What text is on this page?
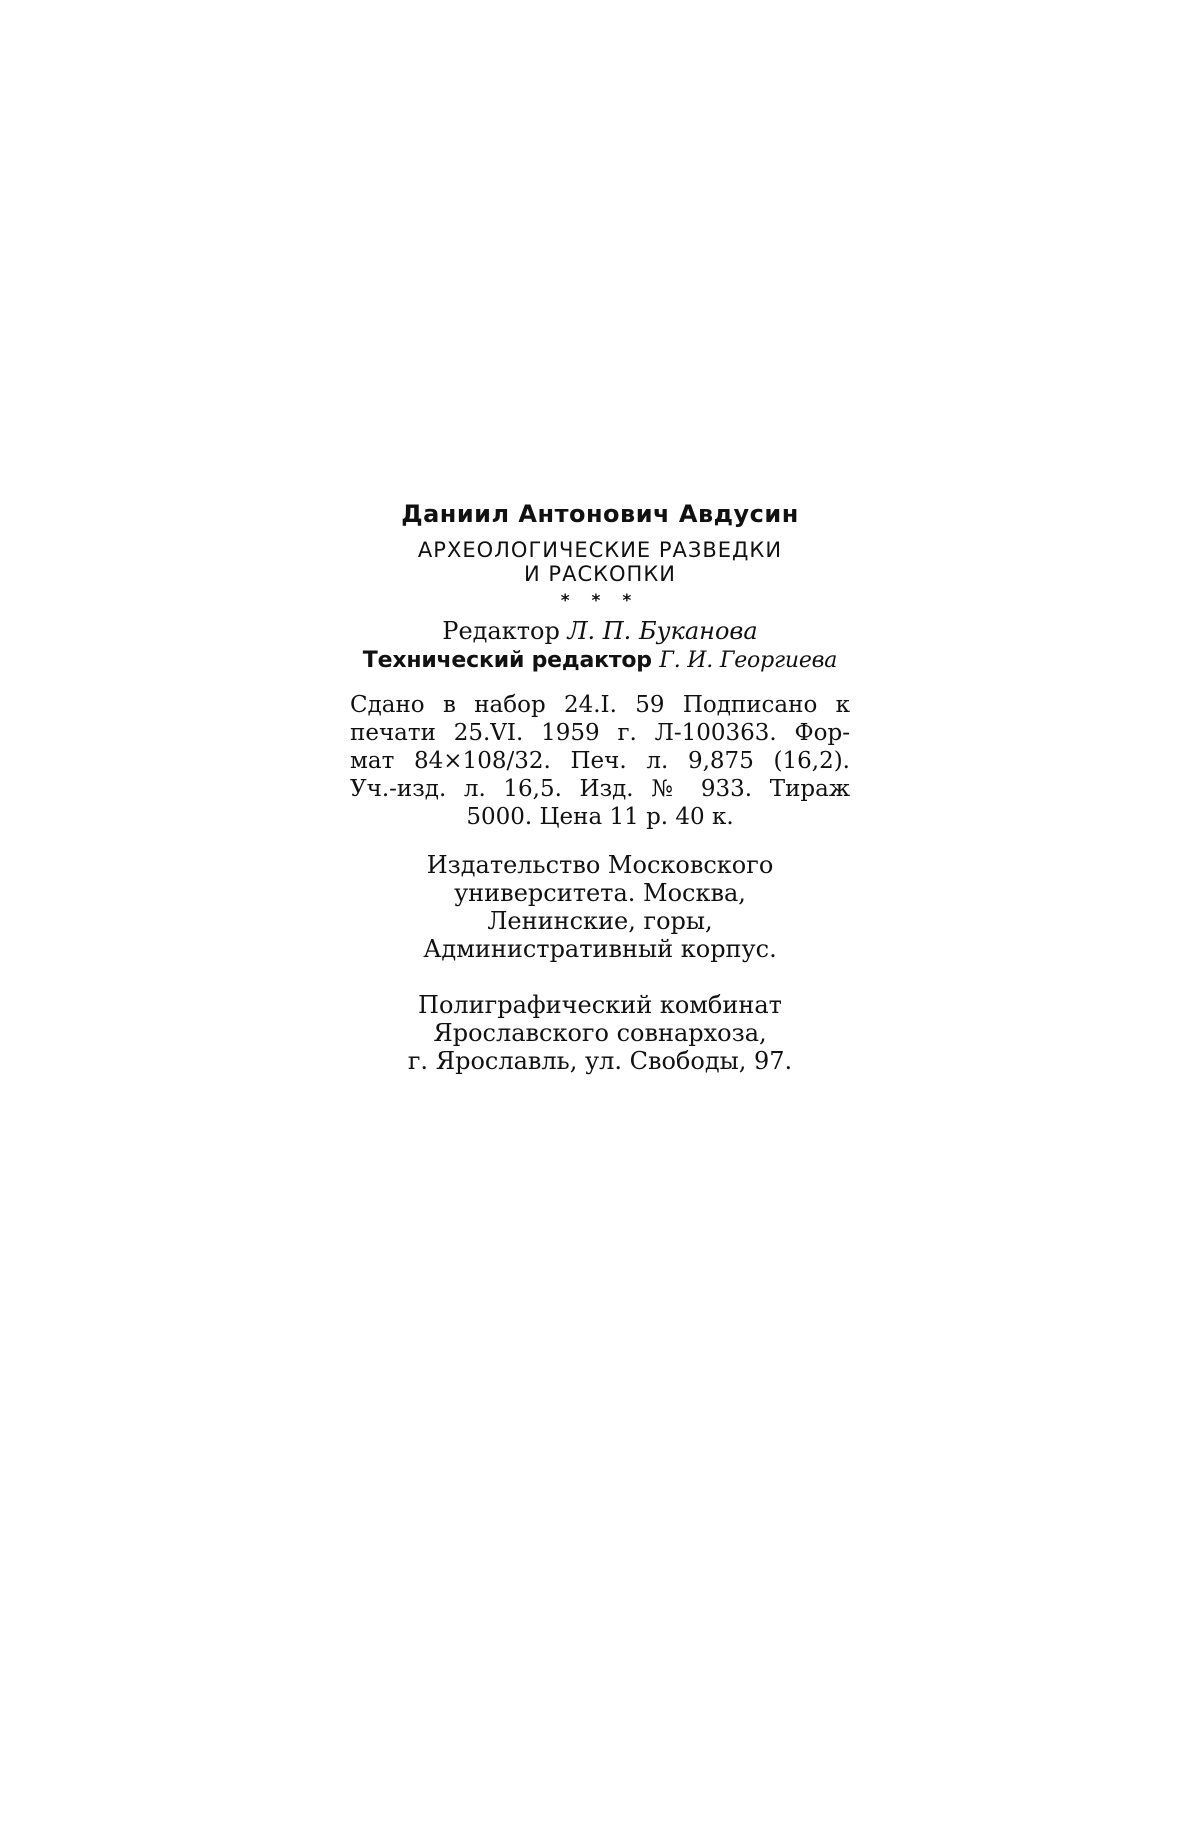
Даниил Антонович Авдусин
АРХЕОЛОГИЧЕСКИЕ РАЗВЕДКИ
И РАСКОПКИ
* * *
Редактор Л. П. Буканова
Технический редактор Г. И. Георгиева
Сдано в набор 24.I. 59 Подписано к
печати 25.VI. 1959 г. Л-100363. Фор-
мат 84×108/32. Печ. л. 9,875 (16,2).
Уч.-изд. л. 16,5. Изд. № 933. Тираж
5000. Цена 11 р. 40 к.
Издательство Московского
университета. Москва,
Ленинские, горы,
Административный корпус.
Полиграфический комбинат
Ярославского совнархоза,
г. Ярославль, ул. Свободы, 97.
